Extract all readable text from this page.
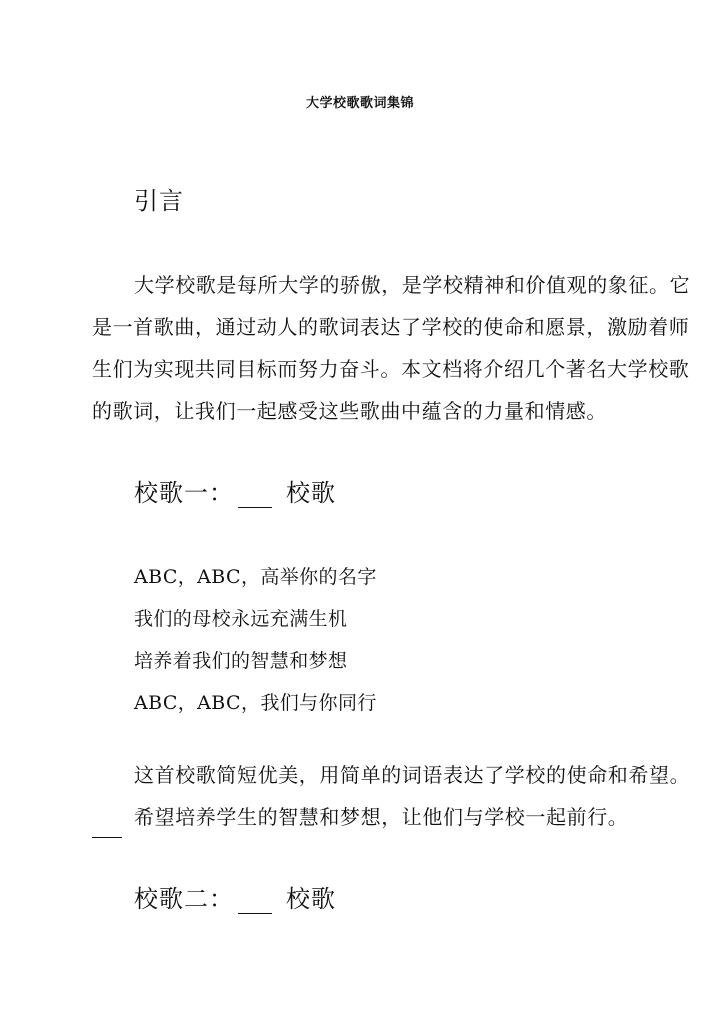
大学校歌歌词集锦
引言
大学校歌是每所大学的骄傲，是学校精神和价值观的象征。它
是一首歌曲，通过动人的歌词表达了学校的使命和愿景，激励着师
生们为实现共同目标而努力奋斗。本文档将介绍几个著名大学校歌
的歌词，让我们一起感受这些歌曲中蕴含的力量和情感。
校歌一： 校歌
ABC，ABC，高举你的名字
我们的母校永远充满生机
培养着我们的智慧和梦想
ABC，ABC，我们与你同行
这首校歌简短优美，用简单的词语表达了学校的使命和希望。
希望培养学生的智慧和梦想，让他们与学校一起前行。
校歌二： 校歌
